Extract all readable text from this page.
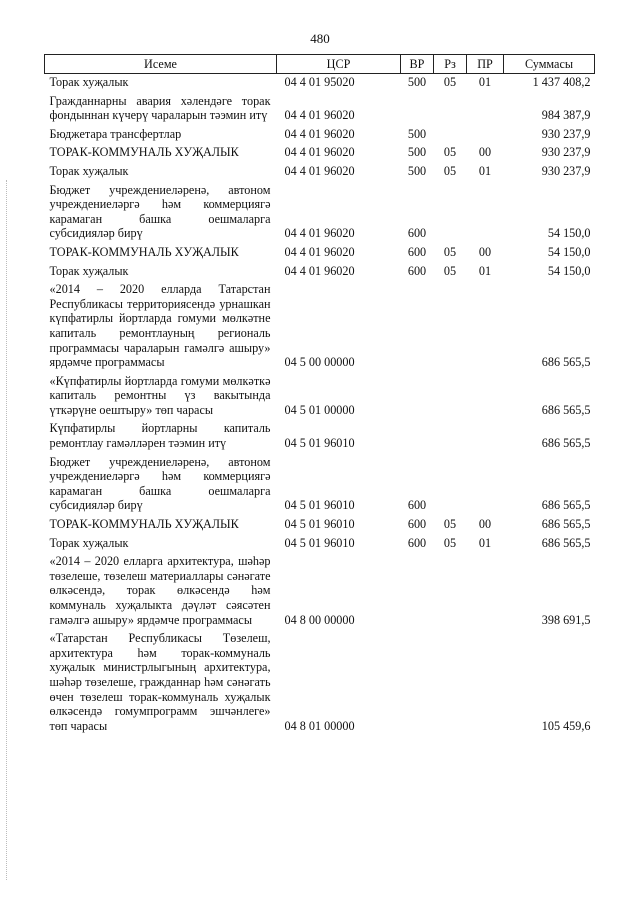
480
Исеме	ЦСР	ВР	Рз	ПР	Суммасы
Торак хуҗалык	04 4 01 95020	500	05	01	1 437 408,2
Гражданнарны авария хәлендәге торак фондыннан күчерү чараларын тәэмин итү	04 4 01 96020				984 387,9
Бюджетара трансфертлар	04 4 01 96020	500			930 237,9
ТОРАК-КОММУНАЛЬ ХУҖАЛЫК	04 4 01 96020	500	05	00	930 237,9
Торак хуҗалык	04 4 01 96020	500	05	01	930 237,9
Бюджет учреждениеләренә, автоном учреждениеләргә һәм коммерциягә карамаган башка оешмаларга субсидияләр бирү	04 4 01 96020	600			54 150,0
ТОРАК-КОММУНАЛЬ ХУҖАЛЫК	04 4 01 96020	600	05	00	54 150,0
Торак хуҗалык	04 4 01 96020	600	05	01	54 150,0
«2014 – 2020 елларда Татарстан Республикасы территориясендә урнашкан күпфатирлы йортларда гомуми мөлкәтне капиталь ремонтлауның региональ программасы чараларын гамәлгә ашыру» ярдәмче программасы	04 5 00 00000				686 565,5
«Күпфатирлы йортларда гомуми мөлкәткә капиталь ремонтны үз вакытында үткәрүне оештыру» төп чарасы	04 5 01 00000				686 565,5
Күпфатирлы йортларны капиталь ремонтлау гамәлләрен тәэмин итү	04 5 01 96010				686 565,5
Бюджет учреждениеләренә, автоном учреждениеләргә һәм коммерциягә карамаган башка оешмаларга субсидияләр бирү	04 5 01 96010	600			686 565,5
ТОРАК-КОММУНАЛЬ ХУҖАЛЫК	04 5 01 96010	600	05	00	686 565,5
Торак хуҗалык	04 5 01 96010	600	05	01	686 565,5
«2014 – 2020 елларга архитектура, шәһәр төзелеше, төзелеш материаллары сәнәгате өлкәсендә, торак өлкәсендә һәм коммуналь хуҗалыкта дәүләт сәясәтен гамәлгә ашыру» ярдәмче программасы	04 8 00 00000				398 691,5
«Татарстан Республикасы Төзелеш, архитектура һәм торак-коммуналь хуҗалык министрлыгының архитектура, шәһәр төзелеше, гражданнар һәм сәнәгать өчен төзелеш торак-коммуналь хуҗалык өлкәсендә гомумпрограмм эшчәнлеге» төп чарасы	04 8 01 00000				105 459,6
